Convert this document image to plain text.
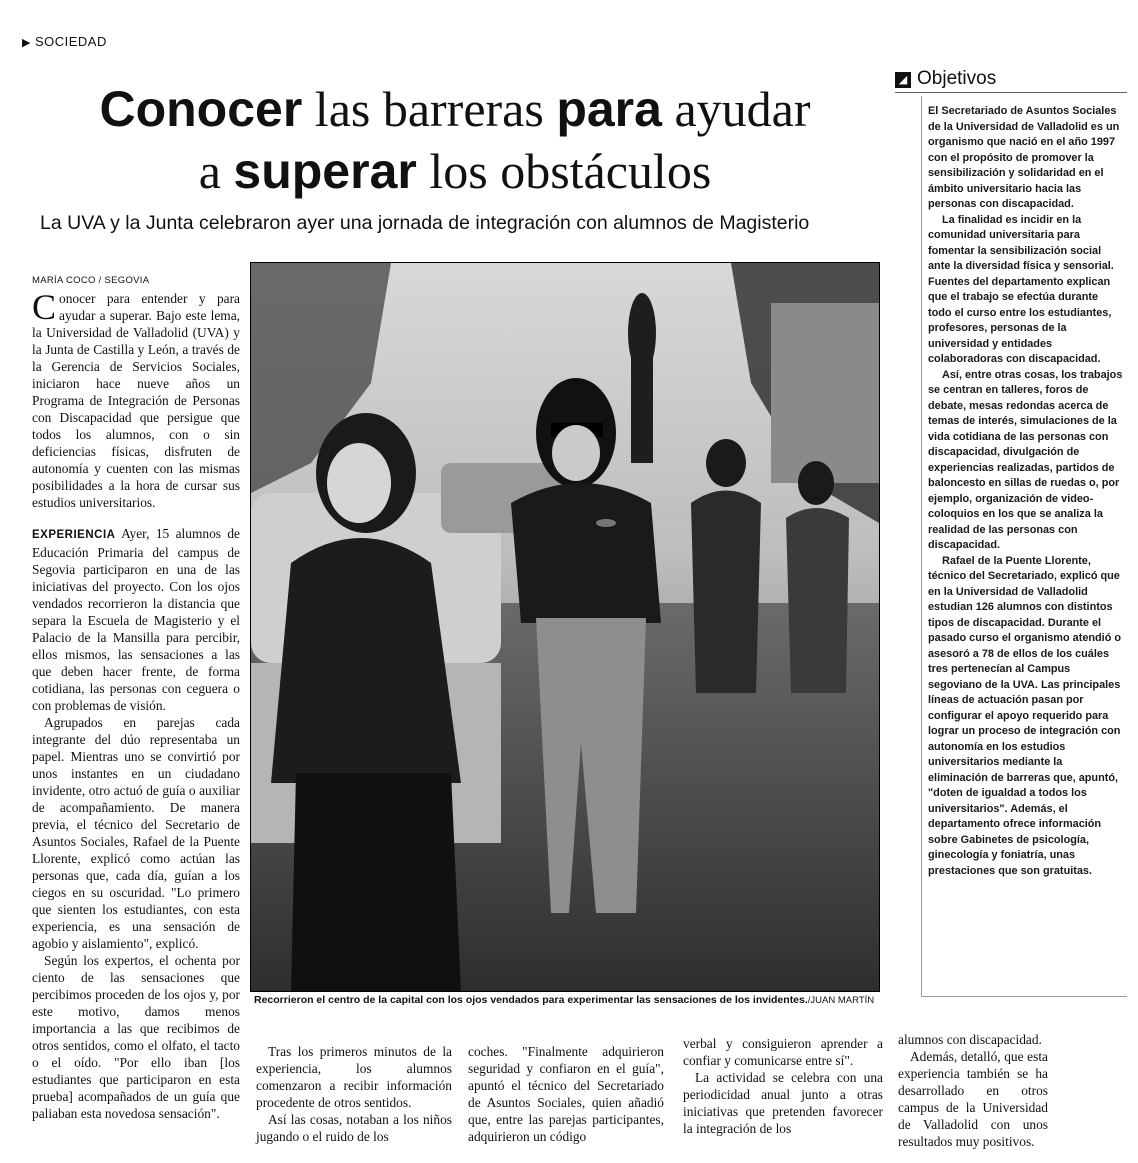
▶ SOCIEDAD
Conocer las barreras para ayudar
a superar los obstáculos
La UVA y la Junta celebraron ayer una jornada de integración con alumnos de Magisterio
MARÍA COCO / SEGOVIA

Conocer para entender y para ayudar a superar. Bajo este lema, la Universidad de Valladolid (UVA) y la Junta de Castilla y León, a través de la Gerencia de Servicios Sociales, iniciaron hace nueve años un Programa de Integración de Personas con Discapacidad que persigue que todos los alumnos, con o sin deficiencias físicas, disfruten de autonomía y cuenten con las mismas posibilidades a la hora de cursar sus estudios universitarios.

EXPERIENCIA Ayer, 15 alumnos de Educación Primaria del campus de Segovia participaron en una de las iniciativas del proyecto. Con los ojos vendados recorrieron la distancia que separa la Escuela de Magisterio y el Palacio de la Mansilla para percibir, ellos mismos, las sensaciones a las que deben hacer frente, de forma cotidiana, las personas con ceguera o con problemas de visión.

Agrupados en parejas cada integrante del dúo representaba un papel. Mientras uno se convirtió por unos instantes en un ciudadano invidente, otro actuó de guía o auxiliar de acompañamiento. De manera previa, el técnico del Secretario de Asuntos Sociales, Rafael de la Puente Llorente, explicó como actúan las personas que, cada día, guían a los ciegos en su oscuridad. "Lo primero que sienten los estudiantes, con esta experiencia, es una sensación de agobio y aislamiento", explicó.

Según los expertos, el ochenta por ciento de las sensaciones que percibimos proceden de los ojos y, por este motivo, damos menos importancia a las que recibimos de otros sentidos, como el olfato, el tacto o el oído. "Por ello iban [los estudiantes que participaron en esta prueba] acompañados de un guía que paliaban esta novedosa sensación".

Recorrieron el centro de la capital con los ojos vendados para experimentar las sensaciones de los invidentes./JUAN MARTÍN

Tras los primeros minutos de la experiencia, los alumnos comenzaron a recibir información procedente de otros sentidos.

Así las cosas, notaban a los niños jugando o el ruido de los

coches. "Finalmente adquirieron seguridad y confiaron en el guía", apuntó el técnico del Secretariado de Asuntos Sociales, quien añadió que, entre las parejas participantes, adquirieron un código

verbal y consiguieron aprender a confiar y comunicarse entre sí".

La actividad se celebra con una periodicidad anual junto a otras iniciativas que pretenden favorecer la integración de los

alumnos con discapacidad.

Además, detalló, que esta experiencia también se ha desarrollado en otros campus de la Universidad de Valladolid con unos resultados muy positivos.

◢ Objetivos

El Secretariado de Asuntos Sociales de la Universidad de Valladolid es un organismo que nació en el año 1997 con el propósito de promover la sensibilización y solidaridad en el ámbito universitario hacia las personas con discapacidad.

La finalidad es incidir en la comunidad universitaria para fomentar la sensibilización social ante la diversidad física y sensorial. Fuentes del departamento explican que el trabajo se efectúa durante todo el curso entre los estudiantes, profesores, personas de la universidad y entidades colaboradoras con discapacidad.

Así, entre otras cosas, los trabajos se centran en talleres, foros de debate, mesas redondas acerca de temas de interés, simulaciones de la vida cotidiana de las personas con discapacidad, divulgación de experiencias realizadas, partidos de baloncesto en sillas de ruedas o, por ejemplo, organización de video-coloquios en los que se analiza la realidad de las personas con discapacidad.

Rafael de la Puente Llorente, técnico del Secretariado, explicó que en la Universidad de Valladolid estudian 126 alumnos con distintos tipos de discapacidad. Durante el pasado curso el organismo atendió o asesoró a 78 de ellos de los cuáles tres pertenecían al Campus segoviano de la UVA. Las principales líneas de actuación pasan por configurar el apoyo requerido para lograr un proceso de integración con autonomía en los estudios universitarios mediante la eliminación de barreras que, apuntó, "doten de igualdad a todos los universitarios". Además, el departamento ofrece información sobre Gabinetes de psicología, ginecología y foniatría, unas prestaciones que son gratuitas.
